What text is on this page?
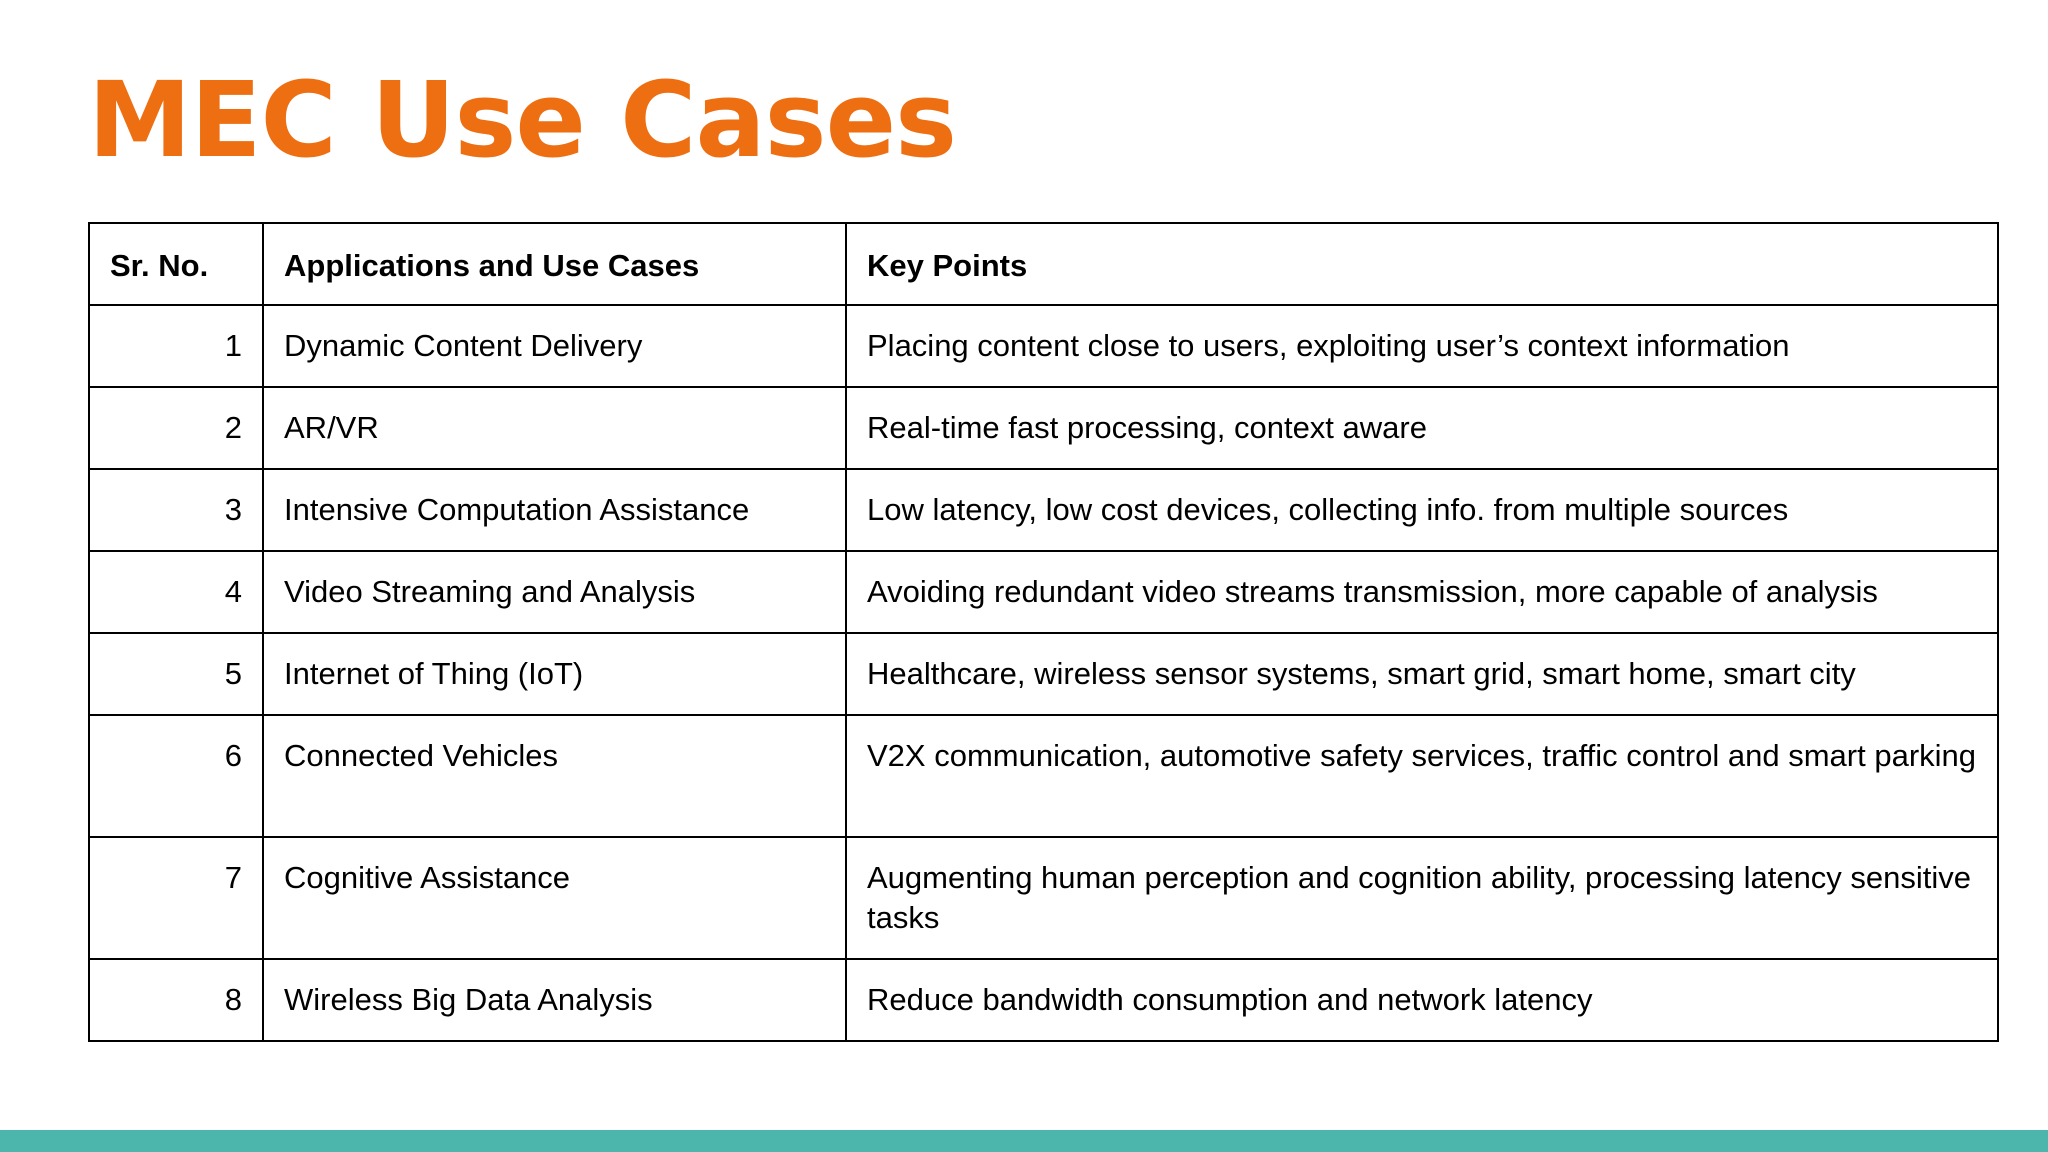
MEC Use Cases
Sr. No.	Applications and Use Cases	Key Points
1	Dynamic Content Delivery	Placing content close to users, exploiting user’s context information
2	AR/VR	Real-time fast processing, context aware
3	Intensive Computation Assistance	Low latency, low cost devices, collecting info. from multiple sources
4	Video Streaming and Analysis	Avoiding redundant video streams transmission, more capable of analysis
5	Internet of Thing (IoT)	Healthcare, wireless sensor systems, smart grid, smart home, smart city
6	Connected Vehicles	V2X communication, automotive safety services, traffic control and smart parking
7	Cognitive Assistance	Augmenting human perception and cognition ability, processing latency sensitive tasks
8	Wireless Big Data Analysis	Reduce bandwidth consumption and network latency
